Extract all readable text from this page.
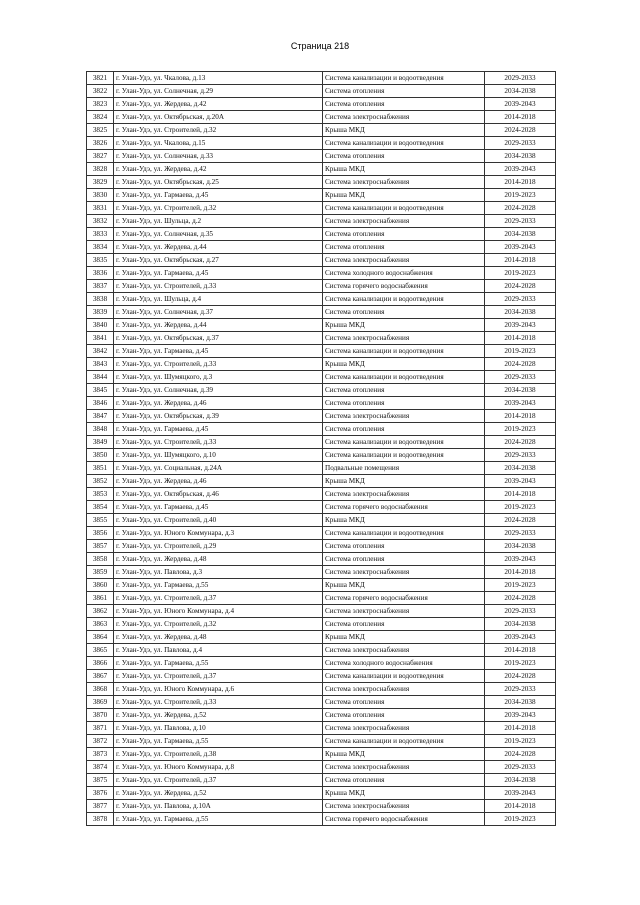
Страница 218
3821	г. Улан-Удэ, ул. Чкалова, д.13	Система канализации и водоотведения	2029-2033
3822	г. Улан-Удэ, ул. Солнечная, д.29	Система отопления	2034-2038
3823	г. Улан-Удэ, ул. Жердева, д.42	Система отопления	2039-2043
3824	г. Улан-Удэ, ул. Октябрьская, д.20А	Система электроснабжения	2014-2018
3825	г. Улан-Удэ, ул. Строителей, д.32	Крыша МКД	2024-2028
3826	г. Улан-Удэ, ул. Чкалова, д.15	Система канализации и водоотведения	2029-2033
3827	г. Улан-Удэ, ул. Солнечная, д.33	Система отопления	2034-2038
3828	г. Улан-Удэ, ул. Жердева, д.42	Крыша МКД	2039-2043
3829	г. Улан-Удэ, ул. Октябрьская, д.25	Система электроснабжения	2014-2018
3830	г. Улан-Удэ, ул. Гармаева, д.45	Крыша МКД	2019-2023
3831	г. Улан-Удэ, ул. Строителей, д.32	Система канализации и водоотведения	2024-2028
3832	г. Улан-Удэ, ул. Шульца, д.2	Система электроснабжения	2029-2033
3833	г. Улан-Удэ, ул. Солнечная, д.35	Система отопления	2034-2038
3834	г. Улан-Удэ, ул. Жердева, д.44	Система отопления	2039-2043
3835	г. Улан-Удэ, ул. Октябрьская, д.27	Система электроснабжения	2014-2018
3836	г. Улан-Удэ, ул. Гармаева, д.45	Система холодного водоснабжения	2019-2023
3837	г. Улан-Удэ, ул. Строителей, д.33	Система горячего водоснабжения	2024-2028
3838	г. Улан-Удэ, ул. Шульца, д.4	Система канализации и водоотведения	2029-2033
3839	г. Улан-Удэ, ул. Солнечная, д.37	Система отопления	2034-2038
3840	г. Улан-Удэ, ул. Жердева, д.44	Крыша МКД	2039-2043
3841	г. Улан-Удэ, ул. Октябрьская, д.37	Система электроснабжения	2014-2018
3842	г. Улан-Удэ, ул. Гармаева, д.45	Система канализации и водоотведения	2019-2023
3843	г. Улан-Удэ, ул. Строителей, д.33	Крыша МКД	2024-2028
3844	г. Улан-Удэ, ул. Шумяцкого, д.3	Система канализации и водоотведения	2029-2033
3845	г. Улан-Удэ, ул. Солнечная, д.39	Система отопления	2034-2038
3846	г. Улан-Удэ, ул. Жердева, д.46	Система отопления	2039-2043
3847	г. Улан-Удэ, ул. Октябрьская, д.39	Система электроснабжения	2014-2018
3848	г. Улан-Удэ, ул. Гармаева, д.45	Система отопления	2019-2023
3849	г. Улан-Удэ, ул. Строителей, д.33	Система канализации и водоотведения	2024-2028
3850	г. Улан-Удэ, ул. Шумяцкого, д.10	Система канализации и водоотведения	2029-2033
3851	г. Улан-Удэ, ул. Социальная, д.24А	Подвальные помещения	2034-2038
3852	г. Улан-Удэ, ул. Жердева, д.46	Крыша МКД	2039-2043
3853	г. Улан-Удэ, ул. Октябрьская, д.46	Система электроснабжения	2014-2018
3854	г. Улан-Удэ, ул. Гармаева, д.45	Система горячего водоснабжения	2019-2023
3855	г. Улан-Удэ, ул. Строителей, д.40	Крыша МКД	2024-2028
3856	г. Улан-Удэ, ул. Юного Коммунара, д.3	Система канализации и водоотведения	2029-2033
3857	г. Улан-Удэ, ул. Строителей, д.29	Система отопления	2034-2038
3858	г. Улан-Удэ, ул. Жердева, д.48	Система отопления	2039-2043
3859	г. Улан-Удэ, ул. Павлова, д.3	Система электроснабжения	2014-2018
3860	г. Улан-Удэ, ул. Гармаева, д.55	Крыша МКД	2019-2023
3861	г. Улан-Удэ, ул. Строителей, д.37	Система горячего водоснабжения	2024-2028
3862	г. Улан-Удэ, ул. Юного Коммунара, д.4	Система электроснабжения	2029-2033
3863	г. Улан-Удэ, ул. Строителей, д.32	Система отопления	2034-2038
3864	г. Улан-Удэ, ул. Жердева, д.48	Крыша МКД	2039-2043
3865	г. Улан-Удэ, ул. Павлова, д.4	Система электроснабжения	2014-2018
3866	г. Улан-Удэ, ул. Гармаева, д.55	Система холодного водоснабжения	2019-2023
3867	г. Улан-Удэ, ул. Строителей, д.37	Система канализации и водоотведения	2024-2028
3868	г. Улан-Удэ, ул. Юного Коммунара, д.6	Система электроснабжения	2029-2033
3869	г. Улан-Удэ, ул. Строителей, д.33	Система отопления	2034-2038
3870	г. Улан-Удэ, ул. Жердева, д.52	Система отопления	2039-2043
3871	г. Улан-Удэ, ул. Павлова, д.10	Система электроснабжения	2014-2018
3872	г. Улан-Удэ, ул. Гармаева, д.55	Система канализации и водоотведения	2019-2023
3873	г. Улан-Удэ, ул. Строителей, д.38	Крыша МКД	2024-2028
3874	г. Улан-Удэ, ул. Юного Коммунара, д.8	Система электроснабжения	2029-2033
3875	г. Улан-Удэ, ул. Строителей, д.37	Система отопления	2034-2038
3876	г. Улан-Удэ, ул. Жердева, д.52	Крыша МКД	2039-2043
3877	г. Улан-Удэ, ул. Павлова, д.10А	Система электроснабжения	2014-2018
3878	г. Улан-Удэ, ул. Гармаева, д.55	Система горячего водоснабжения	2019-2023
